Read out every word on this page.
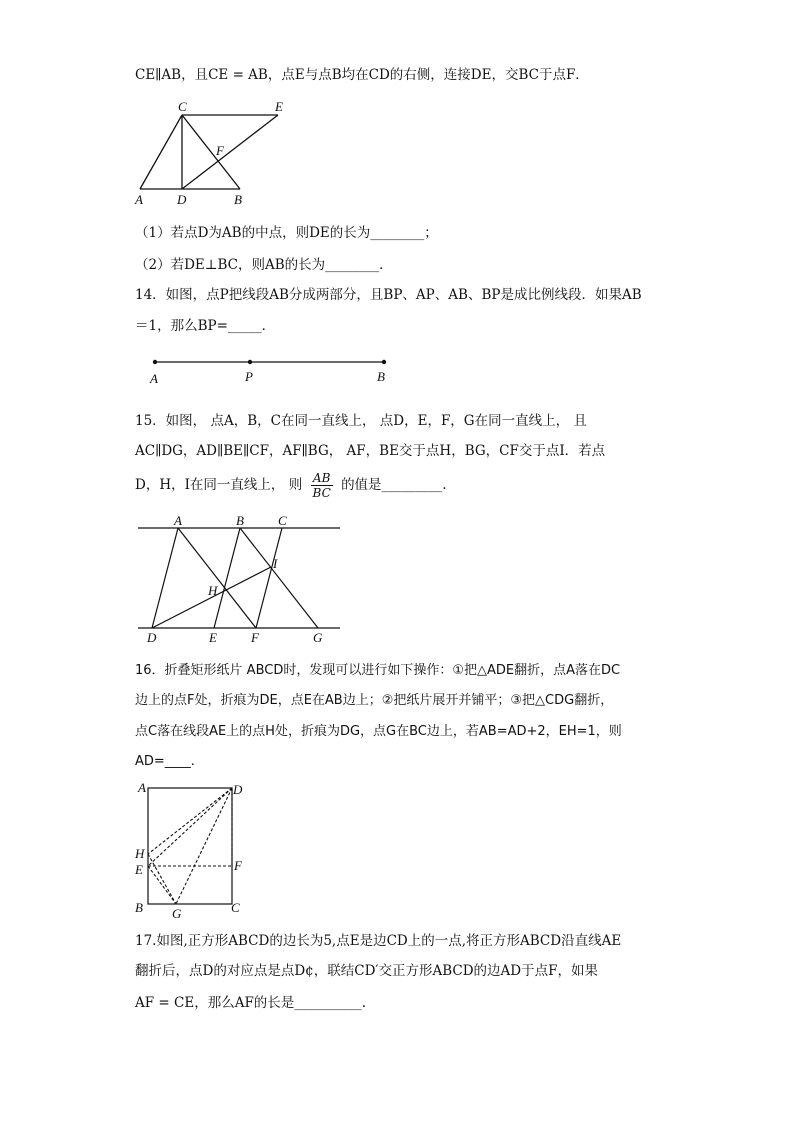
CE∥AB，且CE = AB，点E与点B均在CD的右侧，连接DE，交BC于点F．
C	E
F
A	D	B
（1）若点D为AB的中点，则DE的长为________；
（2）若DE⊥BC，则AB的长为________．
14．如图，点P把线段AB分成两部分，且BP、AP、AB、BP是成比例线段．如果AB
＝1，那么BP=_____．
A	P	B
15．如图， 点A，B，C在同一直线上， 点D，E，F，G在同一直线上， 且
AC∥DG，AD∥BE∥CF，AF∥BG， AF，BE交于点H，BG，CF交于点I．若点
D，H，I在同一直线上， 则 $\frac{AB}{BC}$ 的值是_________.
A	B	C
I
H
D	E	F	G
16．折叠矩形纸片 ABCD时，发现可以进行如下操作：①把△ADE翻折，点A落在DC
边上的点F处，折痕为DE，点E在AB边上；②把纸片展开并铺平；③把△CDG翻折，
点C落在线段AE上的点H处，折痕为DG，点G在BC边上，若AB=AD+2，EH=1，则
AD=____.
A	D
H
E	F
B G	C
17.如图,正方形ABCD的边长为5,点E是边CD上的一点,将正方形ABCD沿直线AE
翻折后，点D的对应点是点D¢，联结CD′交正方形ABCD的边AD于点F，如果
AF = CE，那么AF的长是__________.
